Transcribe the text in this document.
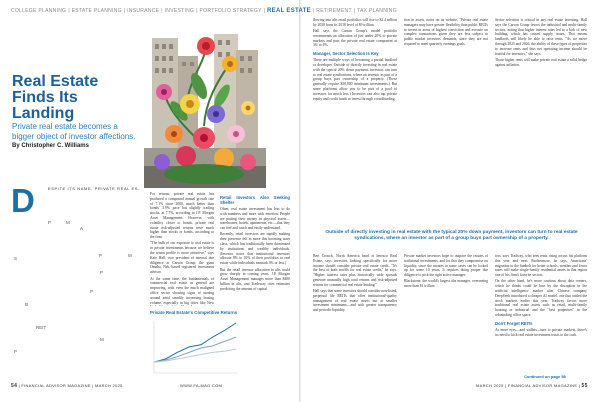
COLLEGE PLANNING | ESTATE PLANNING | INSURANCE | INVESTING | PORTFOLIO STRATEGY | REAL ESTATE | RETIREMENT | TAX PLANNING
Real Estate Finds Its Landing

Private real estate becomes a bigger object of investor affections.

By Christopher C. Williams

D	ESPITE ITS NAME, PRIVATE REAL ES-
P	M
A
S
P	M
B
REIT
P
P
M
P

For returns, private real estate has produced a compound annual growth rate of 7.1% since 2000, much better than bonds' 3.9% pace but slightly trailing stocks, at 7.7%, according to J.P. Morgan Asset Management. However, with volatility closer to bonds, private real estate risk-adjusted returns were much higher than stocks or bonds, according to the firm.

"The bulk of our exposure to real estate is in private investments because we believe the return profile is more attractive," says Kate Hall, vice president of internal due diligence at Carson Group, the giant Omaha, Neb.-based registered investment advisor.

At the same time, the fundamentals of commercial real estate in general are improving, with even the much maligned office sector showing signs of turning around amid steadily increasing leasing volume, especially in big cities like New

Retail Investors Also Seeking Shelter

Often, real estate investment has less to do with numbers and more with emotion. People are putting their money in physical assets—warehouses, hotels, apartments, etc.—that they can feel and touch and easily understand.

Recently, retail investors are rapidly making their presence felt in more this booming asset class, which has traditionally been dominated by institutions and wealthy individuals. (Investor notes that institutional investors allocate 8% to 10% of their portfolios to real estate while individuals earmark 3% or less.)

But the retail investor allocation to alts could grow sharply in coming years. J.P. Morgan Asset Management manages more than $400 billion in alts, and Tradeway cites estimates predicting the amount of capital

Private Real Estate's Competitive Returns

flowing into alts retail portfolios will rise to $2.4 trillion by 2028 from its 2018 level of $9 trillion.

Hall says the Carson Group's model portfolio recommends an allocation of just under 20% to private markets and puts the private real estate component at 3% to 4%.

Manager, Sector Selection Is Key

There are multiple ways of becoming a partial landlord or developer. Outside of directly investing in real estate with the typical 20% down payment, investors can turn to real estate syndications, where an investor as part of a group buys part ownership of a property. (These generally require $50,000 minimum investments.) But some platforms allow you to be part of a pool of investors for much less.) Investors can also tap private equity and credit funds or invest through crowdfunding.

tion in assets, notes on its website, "Private real estate managers may have greater flexibility than public REITs to invest in areas of highest conviction and execute on complex transactions given they are less subject to public market investors' demands, since they are not required to meet quarterly earnings goals.

Sector selection is critical in any real estate investing. Hall says the Carson Group favors the industrial and multi-family sectors, noting that higher interest rates led to a lack of new building, which has caused supply issues. That means landlords will likely be able to raise rents. "As we move through 2025 and 2026, the ability of these types of properties to increase rents and thus net operating income should be fruitful for investors," she says.

Those higher rents will make private real estate a solid hedge against inflation.

Outside of directly investing in real estate with the typical 20% down payment, investors can turn to real estate syndications, where an investor as part of a group buys part ownership of a property.

Bert Crouch, North America head at Invesco Real Estate, says investors looking specifically for more income should consider private real estate credit. "It's the best of both worlds for real estate credit," he says. "Higher interest rates plus historically wide spreads generate unusually high total returns and risk-adjusted returns for commercial real estate lending."

Hall says that some investors should consider non-listed, perpetual life REITs that offer institutional-quality management of real estate assets but at smaller investment minimums—and with greater transparency and periodic liquidity.

Private market investors hope to outpace the returns of traditional investments, and for that they compromise on liquidity, since the monies in some cases can be locked up for some 10 years. It requires doing proper due diligence to pick the right active manager.

Blackstone, the world's largest alts manager, overseeing more than $1 trillion

tors, says Tradway, who sees rents rising across his platform this year and next. Furthermore, he says, Americans' migration to the Sunbelt for better schools, weather and lower taxes will make single-family residential assets in that region one of his firm's favorite sectors.

On the other hand, he's more cautious about data centers, which he thinks could be hurt by the disruption in the artificial intelligence market after Chinese company DeepSeek introduced a cheaper AI model, one that rattled the stock markets earlier this year. Tradway favors more traditional real estate assets such as retail, multi-family housing or industrial and the "best properties" in the rebounding office space.

Don't Forget REITs

As more eyes—and wallets—turn to private markets, there's no need to kick real estate investment trusts to the curb.

Continued on page 58
54 | FINANCIAL ADVISOR MAGAZINE | MARCH 2025	WWW.FA-MAG.COM	MARCH 2025 | FINANCIAL ADVISOR MAGAZINE | 55
